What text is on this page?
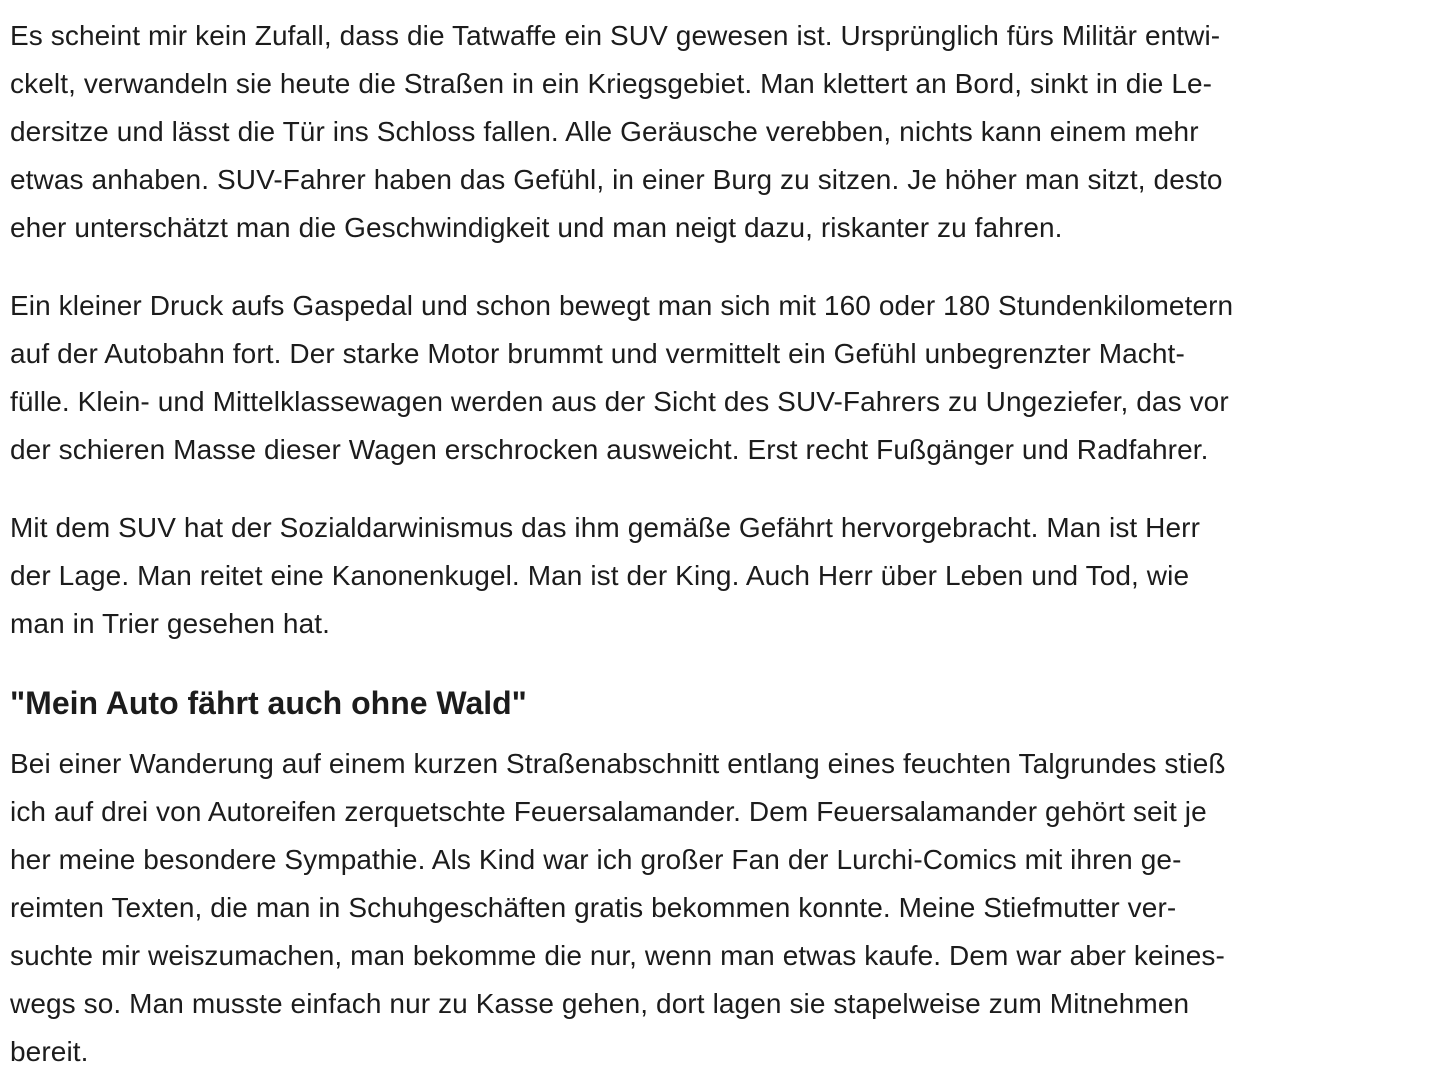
Es scheint mir kein Zufall, dass die Tatwaffe ein SUV gewesen ist. Ursprünglich fürs Militär entwi-
ckelt, verwandeln sie heute die Straßen in ein Kriegsgebiet. Man klettert an Bord, sinkt in die Le-
dersitze und lässt die Tür ins Schloss fallen. Alle Geräusche verebben, nichts kann einem mehr
etwas anhaben. SUV-Fahrer haben das Gefühl, in einer Burg zu sitzen. Je höher man sitzt, desto
eher unterschätzt man die Geschwindigkeit und man neigt dazu, riskanter zu fahren.
Ein kleiner Druck aufs Gaspedal und schon bewegt man sich mit 160 oder 180 Stundenkilometern
auf der Autobahn fort. Der starke Motor brummt und vermittelt ein Gefühl unbegrenzter Macht-
fülle. Klein- und Mittelklassewagen werden aus der Sicht des SUV-Fahrers zu Ungeziefer, das vor
der schieren Masse dieser Wagen erschrocken ausweicht. Erst recht Fußgänger und Radfahrer.
Mit dem SUV hat der Sozialdarwinismus das ihm gemäße Gefährt hervorgebracht. Man ist Herr
der Lage. Man reitet eine Kanonenkugel. Man ist der King. Auch Herr über Leben und Tod, wie
man in Trier gesehen hat.
"Mein Auto fährt auch ohne Wald"
Bei einer Wanderung auf einem kurzen Straßenabschnitt entlang eines feuchten Talgrundes stieß
ich auf drei von Autoreifen zerquetschte Feuersalamander. Dem Feuersalamander gehört seit je
her meine besondere Sympathie. Als Kind war ich großer Fan der Lurchi-Comics mit ihren ge-
reimten Texten, die man in Schuhgeschäften gratis bekommen konnte. Meine Stiefmutter ver-
suchte mir weiszumachen, man bekomme die nur, wenn man etwas kaufe. Dem war aber keines-
wegs so. Man musste einfach nur zu Kasse gehen, dort lagen sie stapelweise zum Mitnehmen
bereit.
